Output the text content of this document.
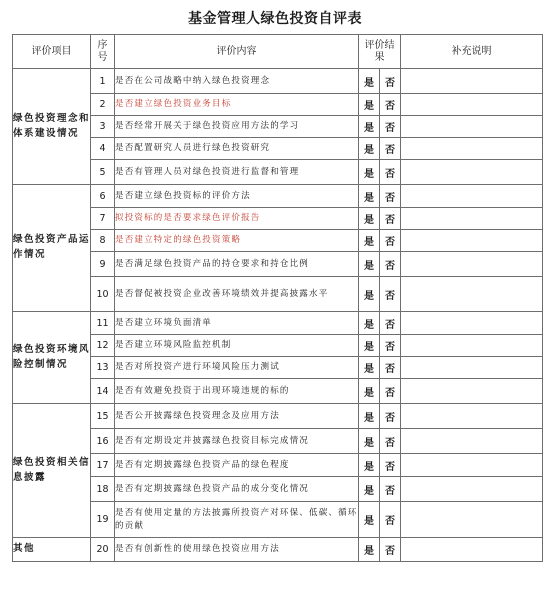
基金管理人绿色投资自评表
评价项目	序号	评价内容	评价结果		补充说明
绿色投资理念和体系建设情况	1	是否在公司战略中纳入绿色投资理念	是	否	
	2	是否建立绿色投资业务目标	是	否	
	3	是否经常开展关于绿色投资应用方法的学习	是	否	
	4	是否配置研究人员进行绿色投资研究	是	否	
	5	是否有管理人员对绿色投资进行监督和管理	是	否	
绿色投资产品运作情况	6	是否建立绿色投资标的评价方法	是	否	
	7	拟投资标的是否要求绿色评价报告	是	否	
	8	是否建立特定的绿色投资策略	是	否	
	9	是否满足绿色投资产品的持仓要求和持仓比例	是	否	
	10	是否督促被投资企业改善环境绩效并提高披露水平	是	否	
绿色投资环境风险控制情况	11	是否建立环境负面清单	是	否	
	12	是否建立环境风险监控机制	是	否	
	13	是否对所投资产进行环境风险压力测试	是	否	
	14	是否有效避免投资于出现环境违规的标的	是	否	
绿色投资相关信息披露	15	是否公开披露绿色投资理念及应用方法	是	否	
	16	是否有定期设定并披露绿色投资目标完成情况	是	否	
	17	是否有定期披露绿色投资产品的绿色程度	是	否	
	18	是否有定期披露绿色投资产品的成分变化情况	是	否	
	19	是否有使用定量的方法披露所投资产对环保、低碳、循环的贡献	是	否	
其他	20	是否有创新性的使用绿色投资应用方法	是	否	
